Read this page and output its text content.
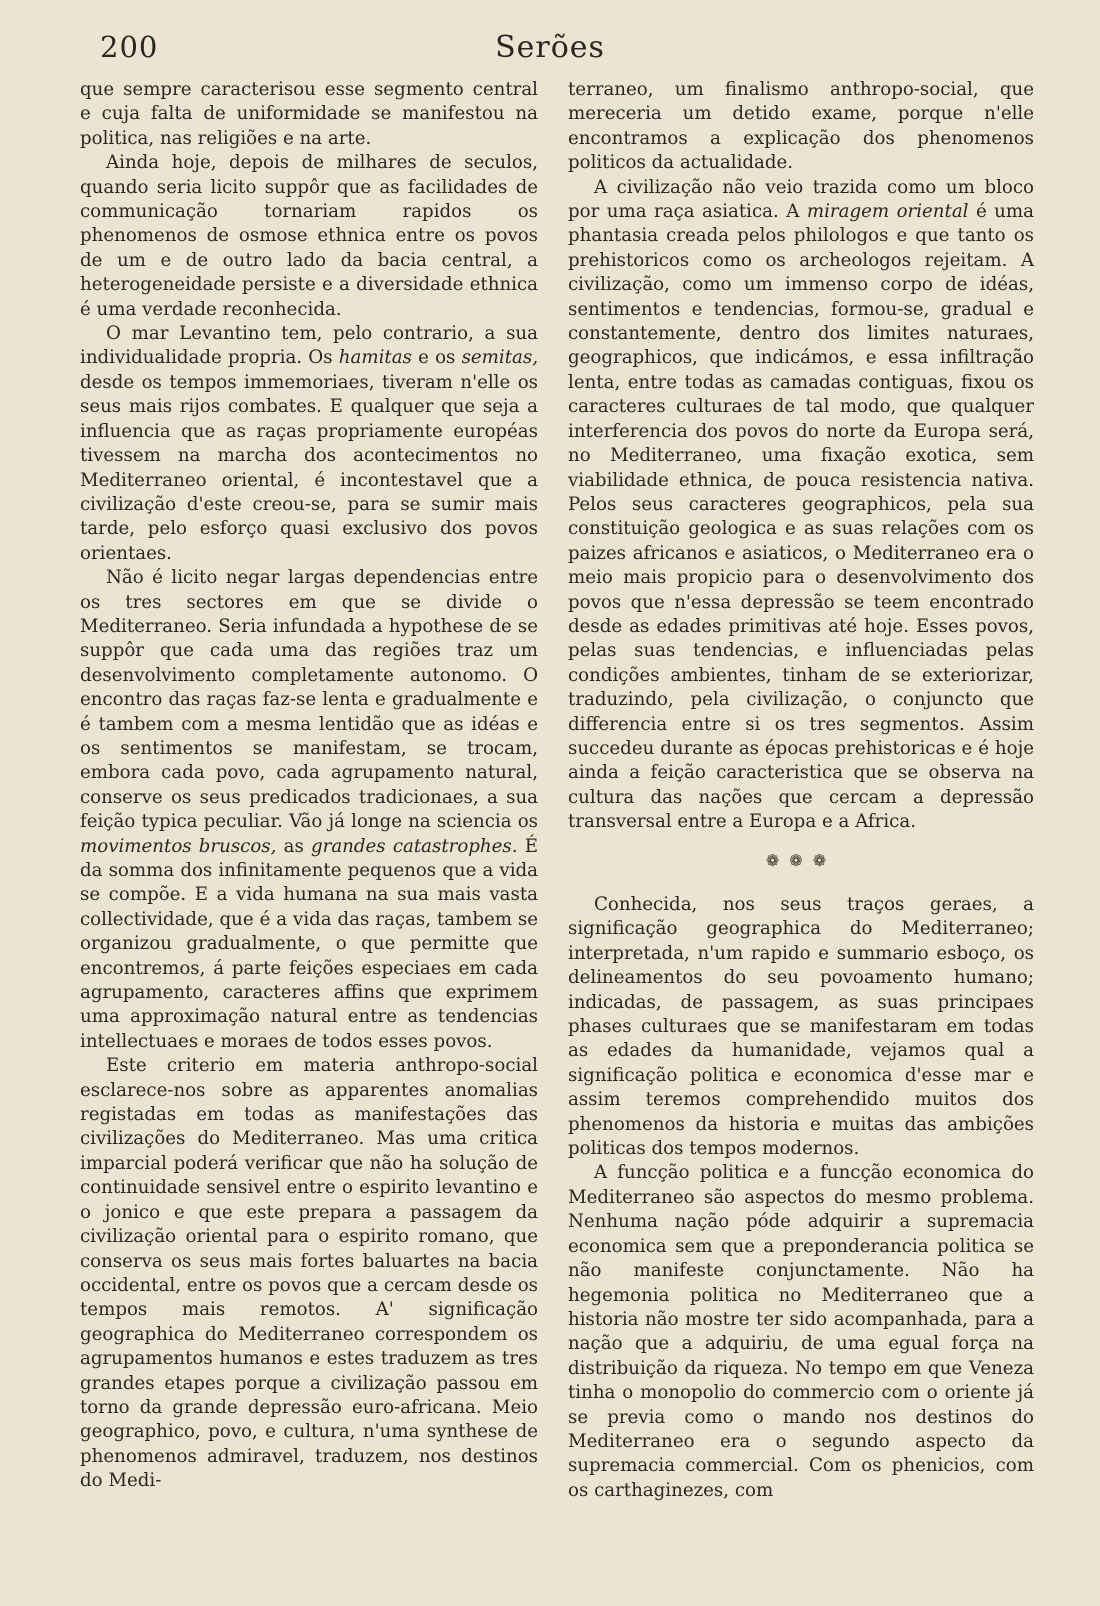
200	Serões

que sempre caracterisou esse segmento central e cuja falta de uniformidade se manifestou na politica, nas religiões e na arte.

Ainda hoje, depois de milhares de seculos, quando seria licito suppôr que as facilidades de communicação tornariam rapidos os phenomenos de osmose ethnica entre os povos de um e de outro lado da bacia central, a heterogeneidade persiste e a diversidade ethnica é uma verdade reconhecida.

O mar Levantino tem, pelo contrario, a sua individualidade propria. Os hamitas e os semitas, desde os tempos immemoriaes, tiveram n'elle os seus mais rijos combates. E qualquer que seja a influencia que as raças propriamente européas tivessem na marcha dos acontecimentos no Mediterraneo oriental, é incontestavel que a civilização d'este creou-se, para se sumir mais tarde, pelo esforço quasi exclusivo dos povos orientaes.

Não é licito negar largas dependencias entre os tres sectores em que se divide o Mediterraneo. Seria infundada a hypothese de se suppôr que cada uma das regiões traz um desenvolvimento completamente autonomo. O encontro das raças faz-se lenta e gradualmente e é tambem com a mesma lentidão que as idéas e os sentimentos se manifestam, se trocam, embora cada povo, cada agrupamento natural, conserve os seus predicados tradicionaes, a sua feição typica peculiar. Vão já longe na sciencia os movimentos bruscos, as grandes catastrophes. É da somma dos infinitamente pequenos que a vida se compõe. E a vida humana na sua mais vasta collectividade, que é a vida das raças, tambem se organizou gradualmente, o que permitte que encontremos, á parte feições especiaes em cada agrupamento, caracteres affins que exprimem uma approximação natural entre as tendencias intellectuaes e moraes de todos esses povos.

Este criterio em materia anthropo-social esclarece-nos sobre as apparentes anomalias registadas em todas as manifestações das civilizações do Mediterraneo. Mas uma critica imparcial poderá verificar que não ha solução de continuidade sensivel entre o espirito levantino e o jonico e que este prepara a passagem da civilização oriental para o espirito romano, que conserva os seus mais fortes baluartes na bacia occidental, entre os povos que a cercam desde os tempos mais remotos. A' significação geographica do Mediterraneo correspondem os agrupamentos humanos e estes traduzem as tres grandes etapes porque a civilização passou em torno da grande depressão euro-africana. Meio geographico, povo, e cultura, n'uma synthese de phenomenos admiravel, traduzem, nos destinos do Medi-

terraneo, um finalismo anthropo-social, que mereceria um detido exame, porque n'elle encontramos a explicação dos phenomenos politicos da actualidade.

A civilização não veio trazida como um bloco por uma raça asiatica. A miragem oriental é uma phantasia creada pelos philologos e que tanto os prehistoricos como os archeologos rejeitam. A civilização, como um immenso corpo de idéas, sentimentos e tendencias, formou-se, gradual e constantemente, dentro dos limites naturaes, geographicos, que indicámos, e essa infiltração lenta, entre todas as camadas contiguas, fixou os caracteres culturaes de tal modo, que qualquer interferencia dos povos do norte da Europa será, no Mediterraneo, uma fixação exotica, sem viabilidade ethnica, de pouca resistencia nativa. Pelos seus caracteres geographicos, pela sua constituição geologica e as suas relações com os paizes africanos e asiaticos, o Mediterraneo era o meio mais propicio para o desenvolvimento dos povos que n'essa depressão se teem encontrado desde as edades primitivas até hoje. Esses povos, pelas suas tendencias, e influenciadas pelas condições ambientes, tinham de se exteriorizar, traduzindo, pela civilização, o conjuncto que differencia entre si os tres segmentos. Assim succedeu durante as épocas prehistoricas e é hoje ainda a feição caracteristica que se observa na cultura das nações que cercam a depressão transversal entre a Europa e a Africa.

❁❁❁

Conhecida, nos seus traços geraes, a significação geographica do Mediterraneo; interpretada, n'um rapido e summario esboço, os delineamentos do seu povoamento humano; indicadas, de passagem, as suas principaes phases culturaes que se manifestaram em todas as edades da humanidade, vejamos qual a significação politica e economica d'esse mar e assim teremos comprehendido muitos dos phenomenos da historia e muitas das ambições politicas dos tempos modernos.

A funcção politica e a funcção economica do Mediterraneo são aspectos do mesmo problema. Nenhuma nação póde adquirir a supremacia economica sem que a preponderancia politica se não manifeste conjunctamente. Não ha hegemonia politica no Mediterraneo que a historia não mostre ter sido acompanhada, para a nação que a adquiriu, de uma egual força na distribuição da riqueza. No tempo em que Veneza tinha o monopolio do commercio com o oriente já se previa como o mando nos destinos do Mediterraneo era o segundo aspecto da supremacia commercial. Com os phenicios, com os carthaginezes, com
